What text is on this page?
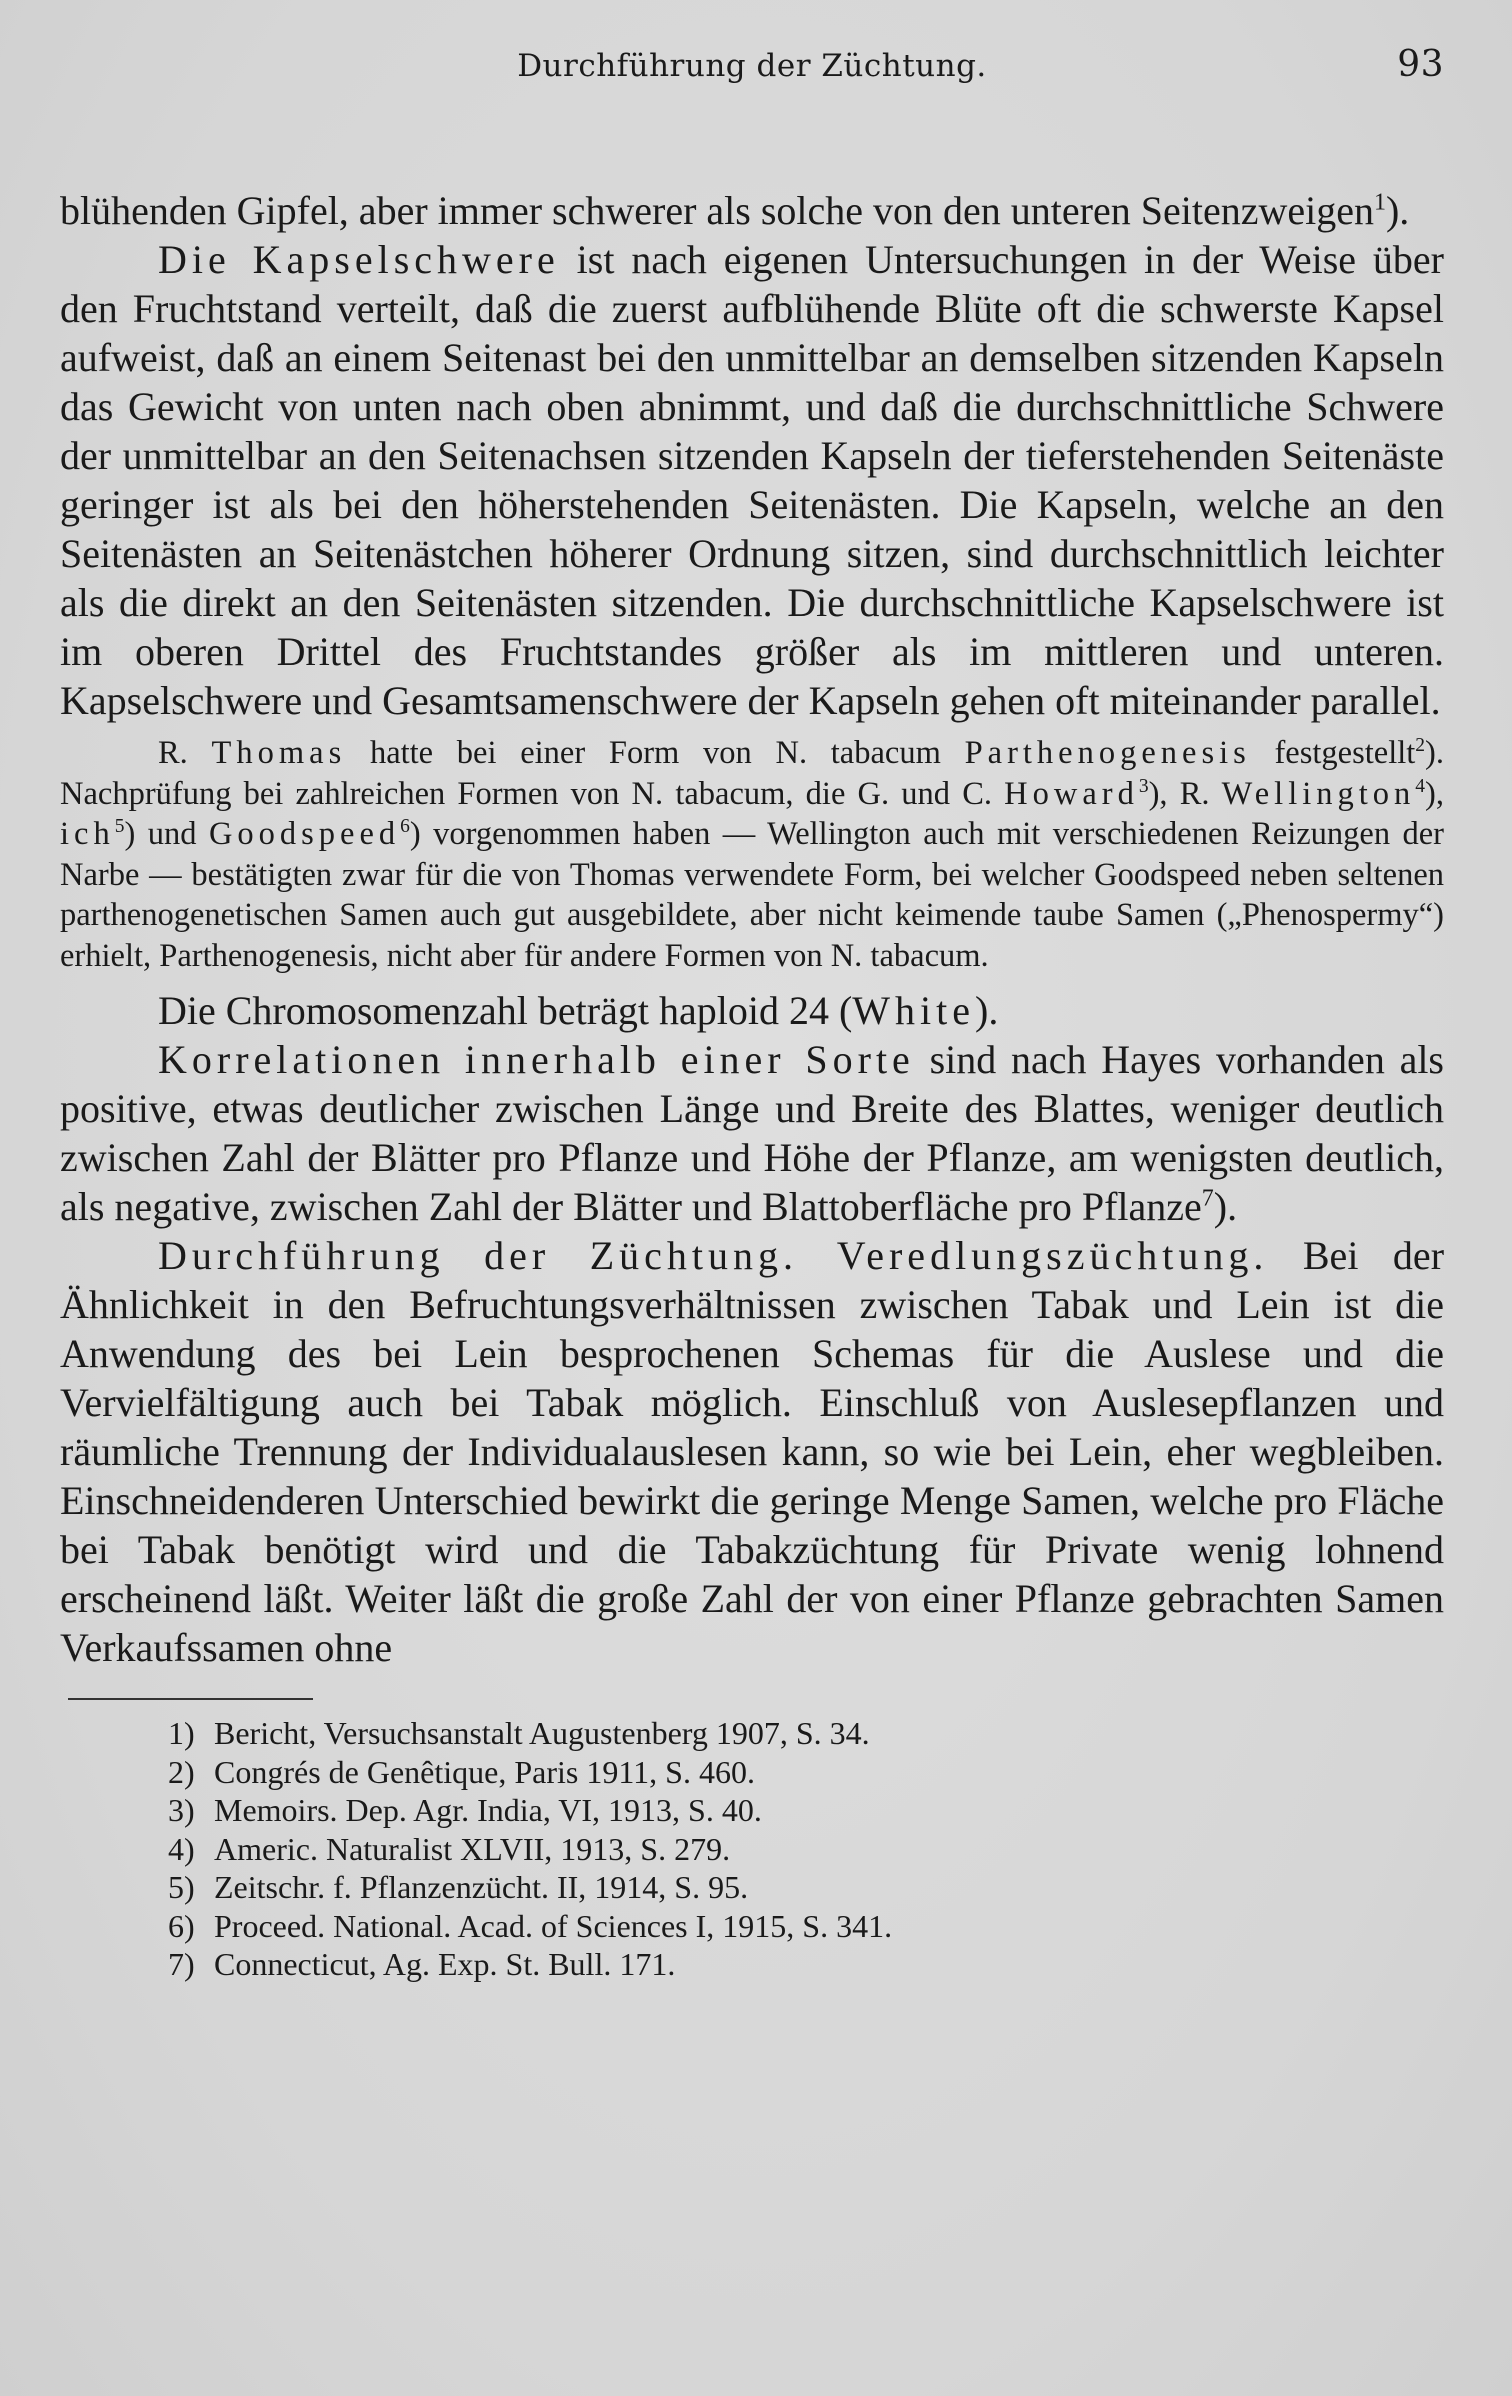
Durchführung der Züchtung.	93

blühenden Gipfel, aber immer schwerer als solche von den unteren Seitenzweigen$^1$).

Die Kapselschwere ist nach eigenen Untersuchungen in der Weise über den Fruchtstand verteilt, daß die zuerst aufblühende Blüte oft die schwerste Kapsel aufweist, daß an einem Seitenast bei den unmittelbar an demselben sitzenden Kapseln das Gewicht von unten nach oben abnimmt, und daß die durchschnittliche Schwere der unmittelbar an den Seitenachsen sitzenden Kapseln der tieferstehenden Seitenäste geringer ist als bei den höherstehenden Seitenästen. Die Kapseln, welche an den Seitenästen an Seitenästchen höherer Ordnung sitzen, sind durchschnittlich leichter als die direkt an den Seitenästen sitzenden. Die durchschnittliche Kapselschwere ist im oberen Drittel des Fruchtstandes größer als im mittleren und unteren. Kapselschwere und Gesamtsamenschwere der Kapseln gehen oft miteinander parallel.

R. Thomas hatte bei einer Form von N. tabacum Parthenogenesis festgestellt$^2$). Nachprüfung bei zahlreichen Formen von N. tabacum, die G. und C. Howard$^3$), R. Wellington$^4$), ich$^5$) und Goodspeed$^6$) vorgenommen haben — Wellington auch mit verschiedenen Reizungen der Narbe — bestätigten zwar für die von Thomas verwendete Form, bei welcher Goodspeed neben seltenen parthenogenetischen Samen auch gut ausgebildete, aber nicht keimende taube Samen („Phenospermy“) erhielt, Parthenogenesis, nicht aber für andere Formen von N. tabacum.

Die Chromosomenzahl beträgt haploid 24 (White).

Korrelationen innerhalb einer Sorte sind nach Hayes vorhanden als positive, etwas deutlicher zwischen Länge und Breite des Blattes, weniger deutlich zwischen Zahl der Blätter pro Pflanze und Höhe der Pflanze, am wenigsten deutlich, als negative, zwischen Zahl der Blätter und Blattoberfläche pro Pflanze$^7$).

Durchführung der Züchtung. Veredlungszüchtung. Bei der Ähnlichkeit in den Befruchtungsverhältnissen zwischen Tabak und Lein ist die Anwendung des bei Lein besprochenen Schemas für die Auslese und die Vervielfältigung auch bei Tabak möglich. Einschluß von Auslesepflanzen und räumliche Trennung der Individualauslesen kann, so wie bei Lein, eher wegbleiben. Einschneidenderen Unterschied bewirkt die geringe Menge Samen, welche pro Fläche bei Tabak benötigt wird und die Tabakzüchtung für Private wenig lohnend erscheinend läßt. Weiter läßt die große Zahl der von einer Pflanze gebrachten Samen Verkaufssamen ohne

1) Bericht, Versuchsanstalt Augustenberg 1907, S. 34.
2) Congrés de Genêtique, Paris 1911, S. 460.
3) Memoirs. Dep. Agr. India, VI, 1913, S. 40.
4) Americ. Naturalist XLVII, 1913, S. 279.
5) Zeitschr. f. Pflanzenzücht. II, 1914, S. 95.
6) Proceed. National. Acad. of Sciences I, 1915, S. 341.
7) Connecticut, Ag. Exp. St. Bull. 171.
